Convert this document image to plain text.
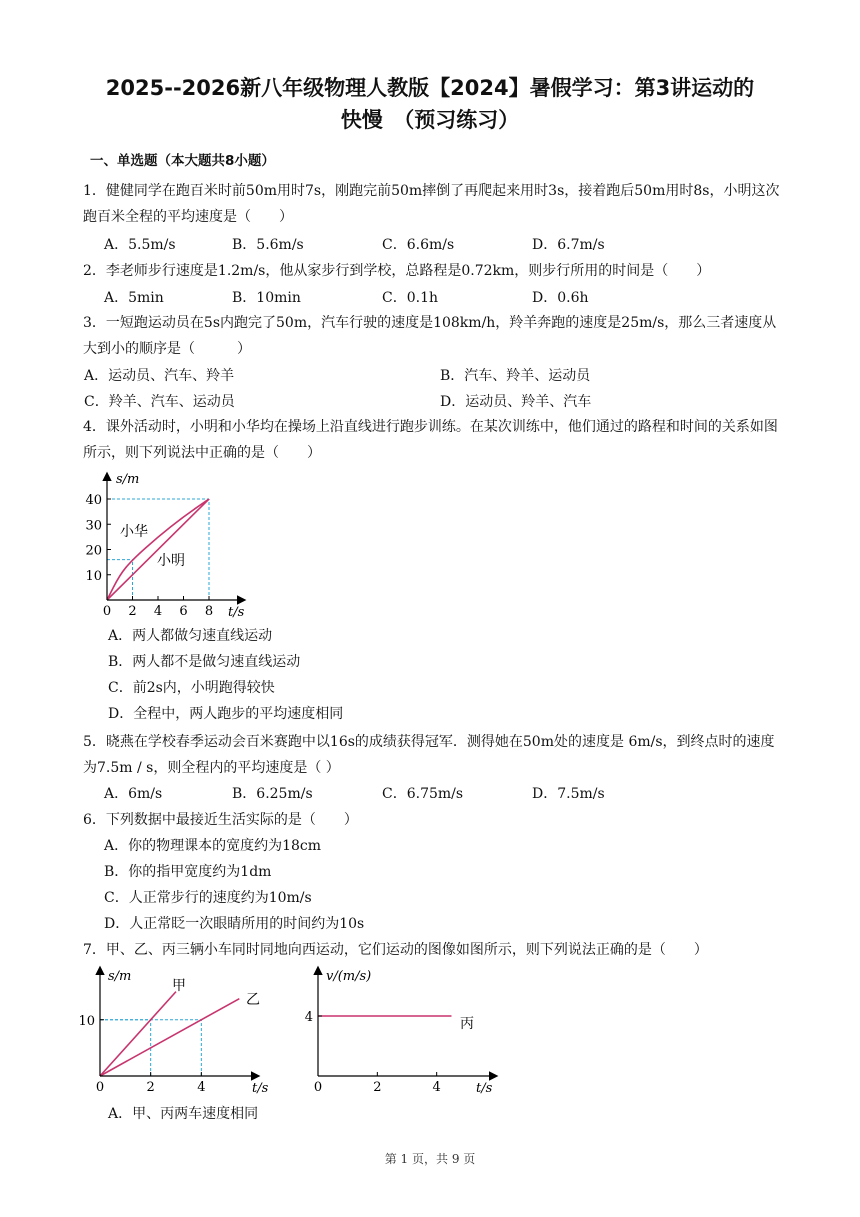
2025--2026新八年级物理人教版【2024】暑假学习：第3讲运动的
快慢　（预习练习）
一、单选题（本大题共8小题）
1．健健同学在跑百米时前50m用时7s，刚跑完前50m摔倒了再爬起来用时3s，接着跑后50m用时8s，小明这次跑百米全程的平均速度是（　　）
A．5.5m/s	B．5.6m/s	C．6.6m/s	D．6.7m/s
2．李老师步行速度是1.2m/s，他从家步行到学校，总路程是0.72km，则步行所用的时间是（　　）
A．5min	B．10min	C．0.1h	D．0.6h
3．一短跑运动员在5s内跑完了50m，汽车行驶的速度是108km/h，羚羊奔跑的速度是25m/s，那么三者速度从大到小的顺序是（　　　）
A．运动员、汽车、羚羊	B．汽车、羚羊、运动员
C．羚羊、汽车、运动员	D．运动员、羚羊、汽车
4．课外活动时，小明和小华均在操场上沿直线进行跑步训练。在某次训练中，他们通过的路程和时间的关系如图所示，则下列说法中正确的是（　　）
0 2 4 6 8
10
20
30
40
s/m
t/s
小华
小明
A．两人都做匀速直线运动
B．两人都不是做匀速直线运动
C．前2s内，小明跑得较快
D．全程中，两人跑步的平均速度相同
5．晓燕在学校春季运动会百米赛跑中以16s的成绩获得冠军．测得她在50m处的速度是 6m/s，到终点时的速度为7.5m / s，则全程内的平均速度是（ ）
A．6m/s	B．6.25m/s	C．6.75m/s	D．7.5m/s
6．下列数据中最接近生活实际的是（　　）
A．你的物理课本的宽度约为18cm
B．你的指甲宽度约为1dm
C．人正常步行的速度约为10m/s
D．人正常眨一次眼睛所用的时间约为10s
7．甲、乙、丙三辆小车同时同地向西运动，它们运动的图像如图所示，则下列说法正确的是（　　）
0	2	4
10
s/m
t/s
甲
乙
0	2	4
4
v/(m/s)
t/s
丙
A．甲、丙两车速度相同
第 1 页，共 9 页
